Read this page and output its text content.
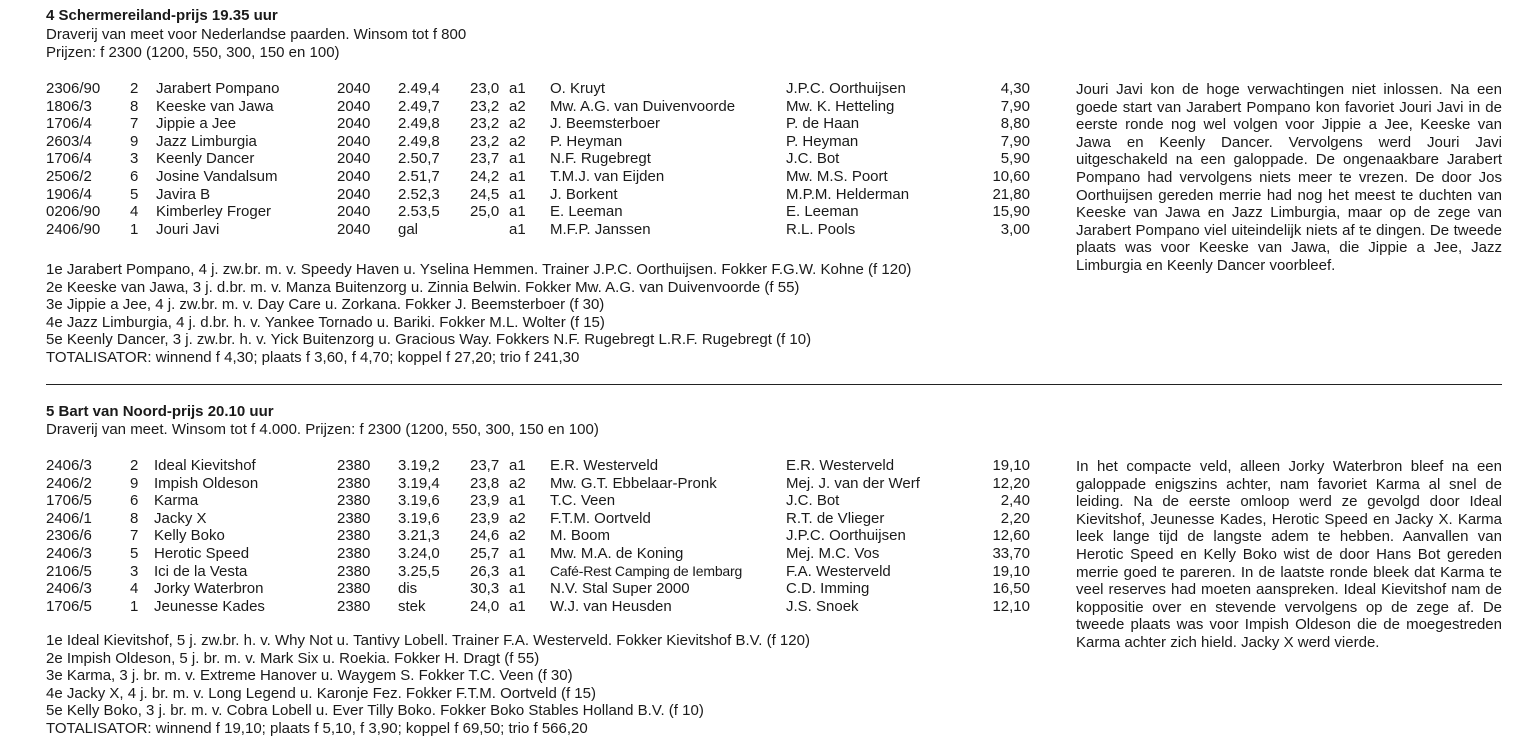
4 Schermereiland-prijs 19.35 uur
Draverij van meet voor Nederlandse paarden. Winsom tot f 800
Prijzen: f 2300 (1200, 550, 300, 150 en 100)
2306/90 2 Jarabert Pompano	2040 2.49,4 23,0 a1 O. Kruyt	J.P.C. Oorthuijsen	4,30
1806/3	8 Keeske van Jawa	2040 2.49,7 23,2 a2 Mw. A.G. van Duivenvoorde	Mw. K. Hetteling	7,90
1706/4	7 Jippie a Jee	2040 2.49,8 23,2 a2 J. Beemsterboer	P. de Haan	8,80
2603/4	9 Jazz Limburgia	2040 2.49,8 23,2 a2 P. Heyman	P. Heyman	7,90
1706/4	3 Keenly Dancer	2040 2.50,7 23,7 a1 N.F. Rugebregt	J.C. Bot	5,90
2506/2	6 Josine Vandalsum	2040 2.51,7 24,2 a1 T.M.J. van Eijden	Mw. M.S. Poort	10,60
1906/4	5 Javira B	2040 2.52,3 24,5 a1 J. Borkent	M.P.M. Helderman	21,80
0206/90 4 Kimberley Froger	2040 2.53,5 25,0 a1 E. Leeman	E. Leeman	15,90
2406/90 1 Jouri Javi	2040 gal	a1 M.F.P. Janssen	R.L. Pools	3,00
1e Jarabert Pompano, 4 j. zw.br. m. v. Speedy Haven u. Yselina Hemmen. Trainer J.P.C. Oorthuijsen. Fokker F.G.W. Kohne (f 120)
2e Keeske van Jawa, 3 j. d.br. m. v. Manza Buitenzorg u. Zinnia Belwin. Fokker Mw. A.G. van Duivenvoorde (f 55)
3e Jippie a Jee, 4 j. zw.br. m. v. Day Care u. Zorkana. Fokker J. Beemsterboer (f 30)
4e Jazz Limburgia, 4 j. d.br. h. v. Yankee Tornado u. Bariki. Fokker M.L. Wolter (f 15)
5e Keenly Dancer, 3 j. zw.br. h. v. Yick Buitenzorg u. Gracious Way. Fokkers N.F. Rugebregt L.R.F. Rugebregt (f 10)
TOTALISATOR: winnend f 4,30; plaats f 3,60, f 4,70; koppel f 27,20; trio f 241,30
Jouri Javi kon de hoge verwachtingen niet inlossen. Na een goede start van Jarabert Pompano kon favoriet Jouri Javi in de eerste ronde nog wel volgen voor Jippie a Jee, Keeske van Jawa en Keenly Dancer. Vervolgens werd Jouri Javi uitgeschakeld na een galoppade. De ongenaakbare Jarabert Pompano had vervolgens niets meer te vrezen. De door Jos Oorthuijsen gereden merrie had nog het meest te duchten van Keeske van Jawa en Jazz Limburgia, maar op de zege van Jarabert Pompano viel uiteindelijk niets af te dingen. De tweede plaats was voor Keeske van Jawa, die Jippie a Jee, Jazz Limburgia en Keenly Dancer voorbleef.
5 Bart van Noord-prijs 20.10 uur
Draverij van meet. Winsom tot f 4.000. Prijzen: f 2300 (1200, 550, 300, 150 en 100)
2406/3	2 Ideal Kievitshof	2380 3.19,2 23,7 a1 E.R. Westerveld	E.R. Westerveld	19,10
2406/2	9 Impish Oldeson	2380 3.19,4 23,8 a2 Mw. G.T. Ebbelaar-Pronk	Mej. J. van der Werf	12,20
1706/5	6 Karma	2380 3.19,6 23,9 a1 T.C. Veen	J.C. Bot	2,40
2406/1	8 Jacky X	2380 3.19,6 23,9 a2 F.T.M. Oortveld	R.T. de Vlieger	2,20
2306/6	7 Kelly Boko	2380 3.21,3 24,6 a2 M. Boom	J.P.C. Oorthuijsen	12,60
2406/3	5 Herotic Speed	2380 3.24,0 25,7 a1 Mw. M.A. de Koning	Mej. M.C. Vos	33,70
2106/5	3 Ici de la Vesta	2380 3.25,5 26,3 a1 Café-Rest Camping de Iembarg	F.A. Westerveld	19,10
2406/3	4 Jorky Waterbron	2380 dis	30,3 a1 N.V. Stal Super 2000	C.D. Imming	16,50
1706/5	1 Jeunesse Kades	2380 stek	24,0 a1 W.J. van Heusden	J.S. Snoek	12,10
1e Ideal Kievitshof, 5 j. zw.br. h. v. Why Not u. Tantivy Lobell. Trainer F.A. Westerveld. Fokker Kievitshof B.V. (f 120)
2e Impish Oldeson, 5 j. br. m. v. Mark Six u. Roekia. Fokker H. Dragt (f 55)
3e Karma, 3 j. br. m. v. Extreme Hanover u. Waygem S. Fokker T.C. Veen (f 30)
4e Jacky X, 4 j. br. m. v. Long Legend u. Karonje Fez. Fokker F.T.M. Oortveld (f 15)
5e Kelly Boko, 3 j. br. m. v. Cobra Lobell u. Ever Tilly Boko. Fokker Boko Stables Holland B.V. (f 10)
TOTALISATOR: winnend f 19,10; plaats f 5,10, f 3,90; koppel f 69,50; trio f 566,20
In het compacte veld, alleen Jorky Waterbron bleef na een galoppade enigszins achter, nam favoriet Karma al snel de leiding. Na de eerste omloop werd ze gevolgd door Ideal Kievitshof, Jeunesse Kades, Herotic Speed en Jacky X. Karma leek lange tijd de langste adem te hebben. Aanvallen van Herotic Speed en Kelly Boko wist de door Hans Bot gereden merrie goed te pareren. In de laatste ronde bleek dat Karma te veel reserves had moeten aanspreken. Ideal Kievitshof nam de koppositie over en stevende vervolgens op de zege af. De tweede plaats was voor Impish Oldeson die de moegestreden Karma achter zich hield. Jacky X werd vierde.
